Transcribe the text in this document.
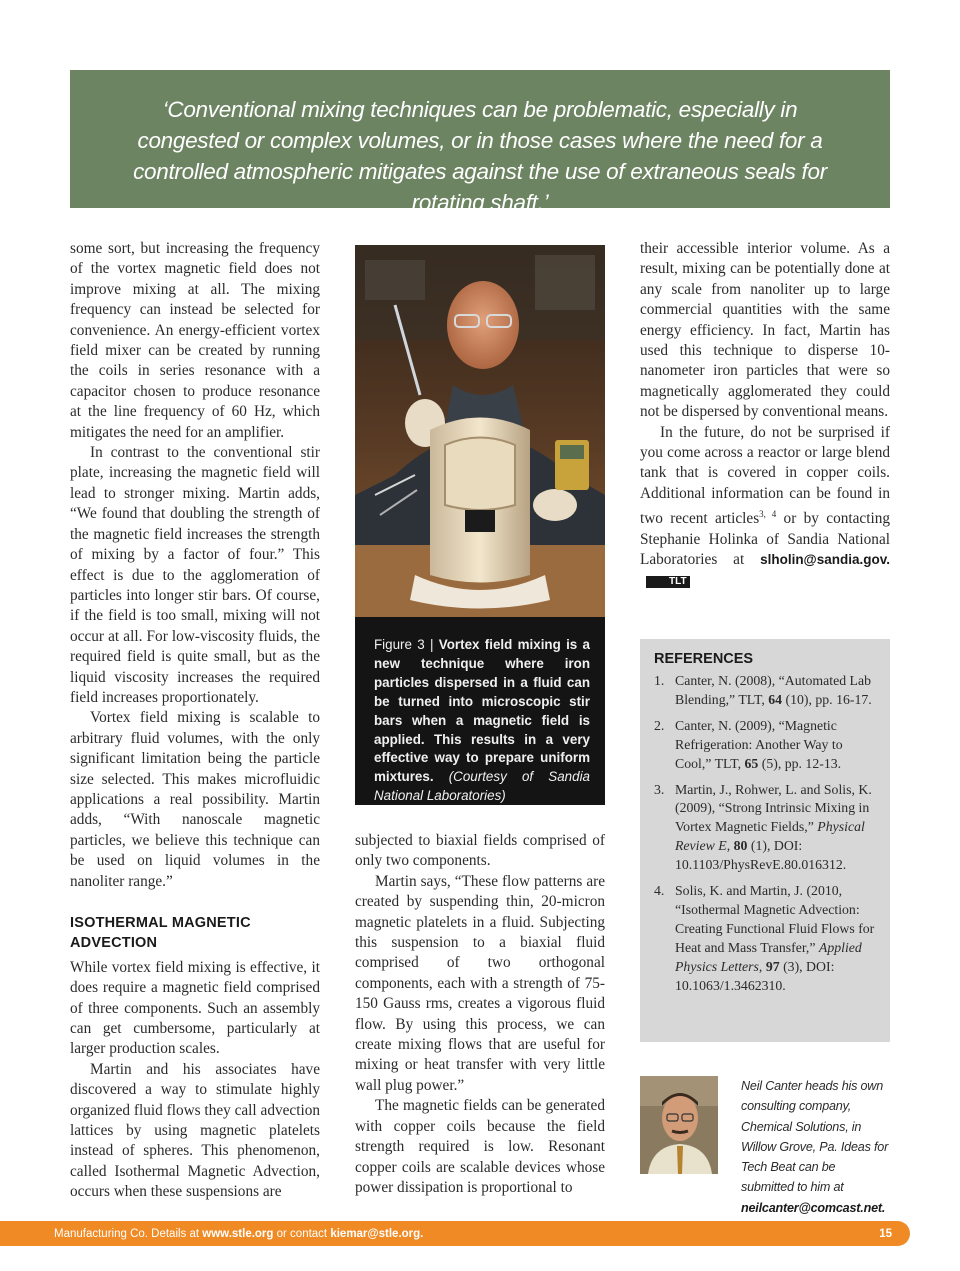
‘Conventional mixing techniques can be problematic, especially in congested or complex volumes, or in those cases where the need for a controlled atmospheric mitigates against the use of extraneous seals for rotating shaft.’

some sort, but increasing the frequency of the vortex magnetic field does not improve mixing at all. The mixing frequency can instead be selected for convenience. An energy-efficient vortex field mixer can be created by running the coils in series resonance with a capacitor chosen to produce resonance at the line frequency of 60 Hz, which mitigates the need for an amplifier.

In contrast to the conventional stir plate, increasing the magnetic field will lead to stronger mixing. Martin adds, “We found that doubling the strength of the magnetic field increases the strength of mixing by a factor of four.” This effect is due to the agglomeration of particles into longer stir bars. Of course, if the field is too small, mixing will not occur at all. For low-viscosity fluids, the required field is quite small, but as the liquid viscosity increases the required field increases proportionately.

Vortex field mixing is scalable to arbitrary fluid volumes, with the only significant limitation being the particle size selected. This makes microfluidic applications a real possibility. Martin adds, “With nanoscale magnetic particles, we believe this technique can be used on liquid volumes in the nanoliter range.”

ISOTHERMAL MAGNETIC ADVECTION

While vortex field mixing is effective, it does require a magnetic field comprised of three components. Such an assembly can get cumbersome, particularly at larger production scales.

Martin and his associates have discovered a way to stimulate highly organized fluid flows they call advection lattices by using magnetic platelets instead of spheres. This phenomenon, called Isothermal Magnetic Advection, occurs when these suspensions are

Figure 3 | Vortex field mixing is a new technique where iron particles dispersed in a fluid can be turned into microscopic stir bars when a magnetic field is applied. This results in a very effective way to prepare uniform mixtures. (Courtesy of Sandia National Laboratories)

subjected to biaxial fields comprised of only two components.

Martin says, “These flow patterns are created by suspending thin, 20-micron magnetic platelets in a fluid. Subjecting this suspension to a biaxial fluid comprised of two orthogonal components, each with a strength of 75-150 Gauss rms, creates a vigorous fluid flow. By using this process, we can create mixing flows that are useful for mixing or heat transfer with very little wall plug power.”

The magnetic fields can be generated with copper coils because the field strength required is low. Resonant copper coils are scalable devices whose power dissipation is proportional to

their accessible interior volume. As a result, mixing can be potentially done at any scale from nanoliter up to large commercial quantities with the same energy efficiency. In fact, Martin has used this technique to disperse 10-nanometer iron particles that were so magnetically agglomerated they could not be dispersed by conventional means.

In the future, do not be surprised if you come across a reactor or large blend tank that is covered in copper coils. Additional information can be found in two recent articles$^{3, 4}$ or by contacting Stephanie Holinka of Sandia National Laboratories at slholin@sandia.gov.TLT

REFERENCES
1. Canter, N. (2008), “Automated Lab Blending,” TLT, 64 (10), pp. 16-17.
2. Canter, N. (2009), “Magnetic Refrigeration: Another Way to Cool,” TLT, 65 (5), pp. 12-13.
3. Martin, J., Rohwer, L. and Solis, K. (2009), “Strong Intrinsic Mixing in Vortex Magnetic Fields,” Physical Review E, 80 (1), DOI: 10.1103/PhysRevE.80.016312.
4. Solis, K. and Martin, J. (2010, “Isothermal Magnetic Advection: Creating Functional Fluid Flows for Heat and Mass Transfer,” Applied Physics Letters, 97 (3), DOI: 10.1063/1.3462310.
Neil Canter heads his own consulting company, Chemical Solutions, in Willow Grove, Pa. Ideas for Tech Beat can be submitted to him at neilcanter@comcast.net.
Manufacturing Co. Details at www.stle.org or contact kiemar@stle.org.	15
